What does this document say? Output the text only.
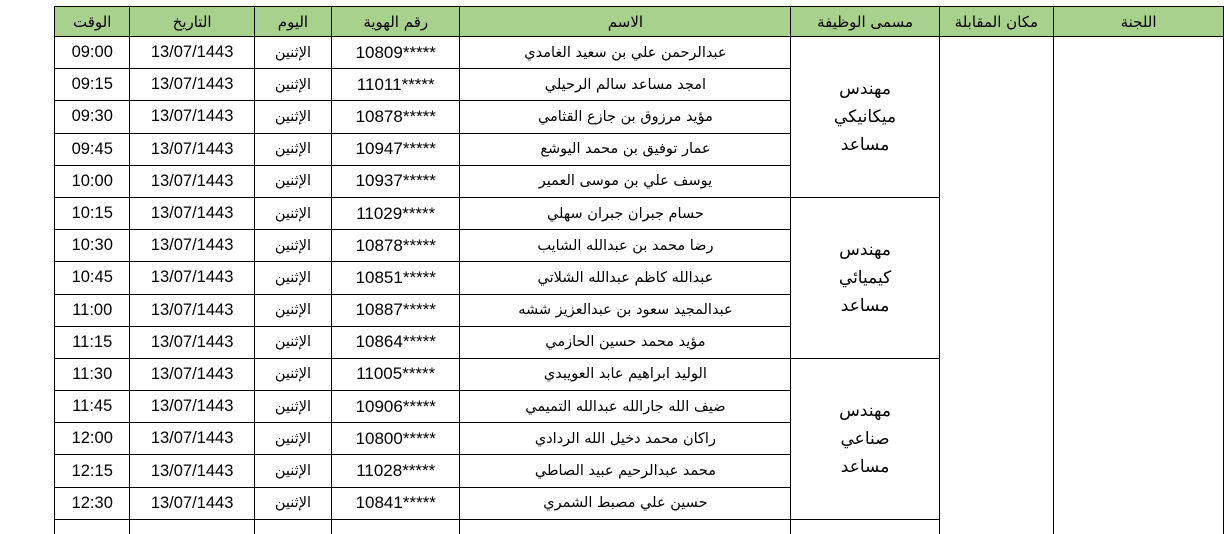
الوقت	التاريخ	اليوم	رقم الهوية	الاسم	مسمى الوظيفة	مكان المقابلة	اللجنة
09:00	13/07/1443	الإثنين	10809*****	عبدالرحمن علي بن سعيد الغامدي	مهندس
ميكانيكي
مساعد		

09:15	13/07/1443	الإثنين	11011*****	امجد مساعد سالم الرحيلي			
09:30	13/07/1443	الإثنين	10878*****	مؤيد مرزوق بن جازع القثامي			
09:45	13/07/1443	الإثنين	10947*****	عمار توفيق بن محمد اليوشع			
10:00	13/07/1443	الإثنين	10937*****	يوسف علي بن موسى العمير			
10:15	13/07/1443	الإثنين	11029*****	حسام جبران جبران سهلي	مهندس
كيميائي
مساعد		

10:30	13/07/1443	الإثنين	10878*****	رضا محمد بن عبدالله الشايب			
10:45	13/07/1443	الإثنين	10851*****	عبدالله كاظم عبدالله الشلاتي			
11:00	13/07/1443	الإثنين	10887*****	عبدالمجيد سعود بن عبدالعزيز ششه			
11:15	13/07/1443	الإثنين	10864*****	مؤيد محمد حسين الحازمي			
11:30	13/07/1443	الإثنين	11005*****	الوليد ابراهيم عابد العويبدي	مهندس
صناعي
مساعد		

11:45	13/07/1443	الإثنين	10906*****	ضيف الله جارالله عبدالله التميمي			
12:00	13/07/1443	الإثنين	10800*****	راكان محمد دخيل الله الردادي			
12:15	13/07/1443	الإثنين	11028*****	محمد عبدالرحيم عبيد الصاطي			
12:30	13/07/1443	الإثنين	10841*****	حسين علي مصبط الشمري			
